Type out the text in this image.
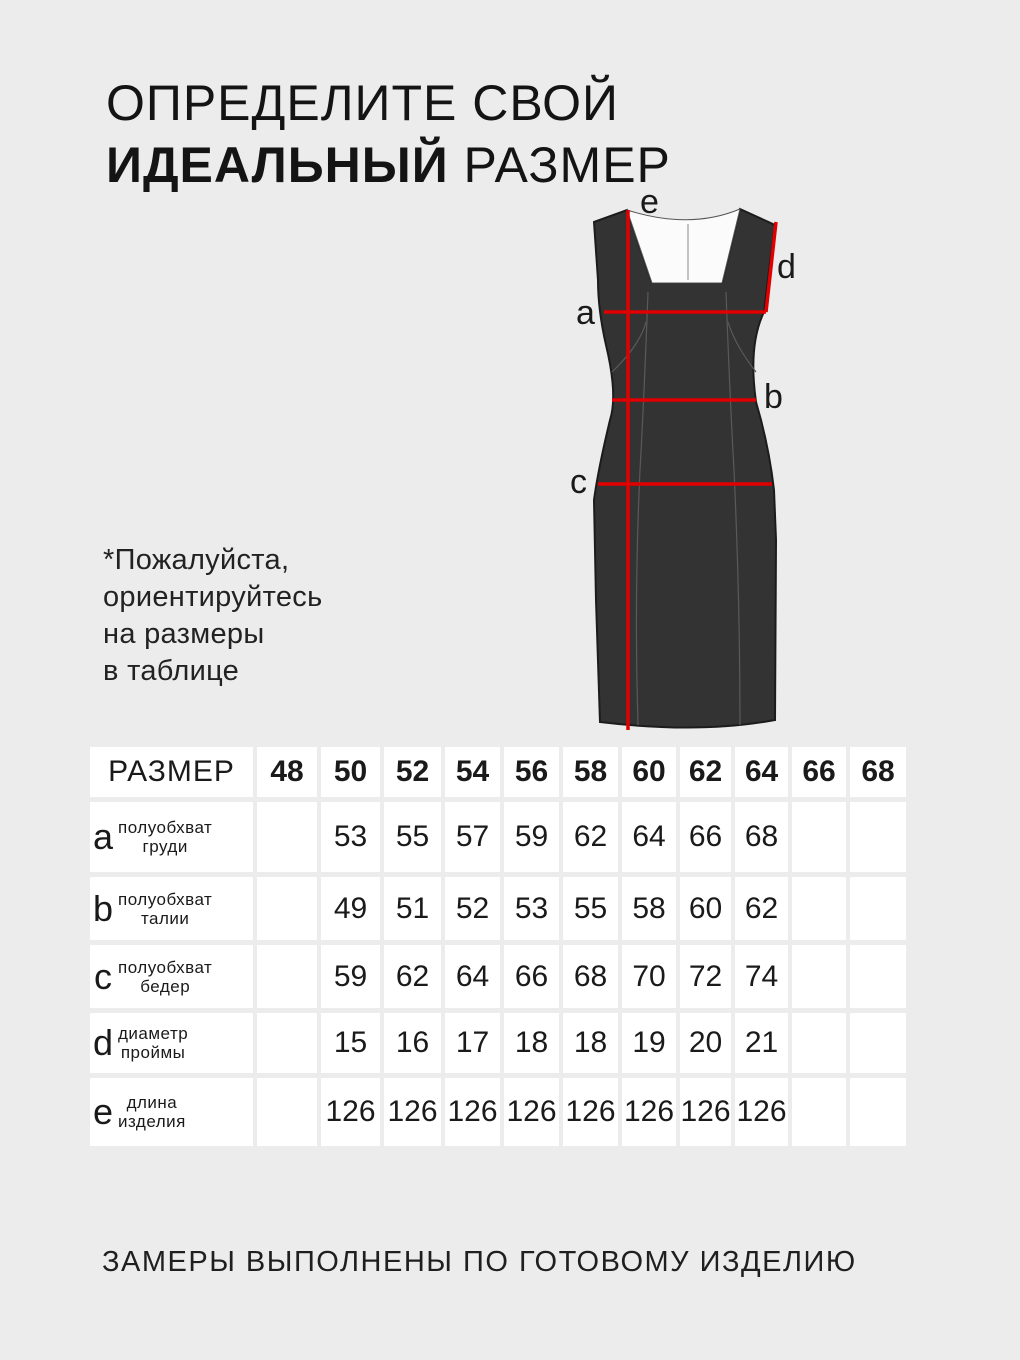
ОПРЕДЕЛИТЕ СВОЙ
ИДЕАЛЬНЫЙ РАЗМЕР
*Пожалуйста,
ориентируйтесь
на размеры
в таблице
e
d
a
b
c
РАЗМЕР	48	50	52	54	56	58	60	62	64	66	68

a полуобхват
груди		53	55	57	59	62	64	66	68		

b полуобхват
талии		49	51	52	53	55	58	60	62		

c полуобхват
бедер		59	62	64	66	68	70	72	74		

d диаметр
проймы		15	16	17	18	18	19	20	21		

e длина
изделия		126	126	126	126	126	126	126	126		
ЗАМЕРЫ ВЫПОЛНЕНЫ ПО ГОТОВОМУ ИЗДЕЛИЮ
